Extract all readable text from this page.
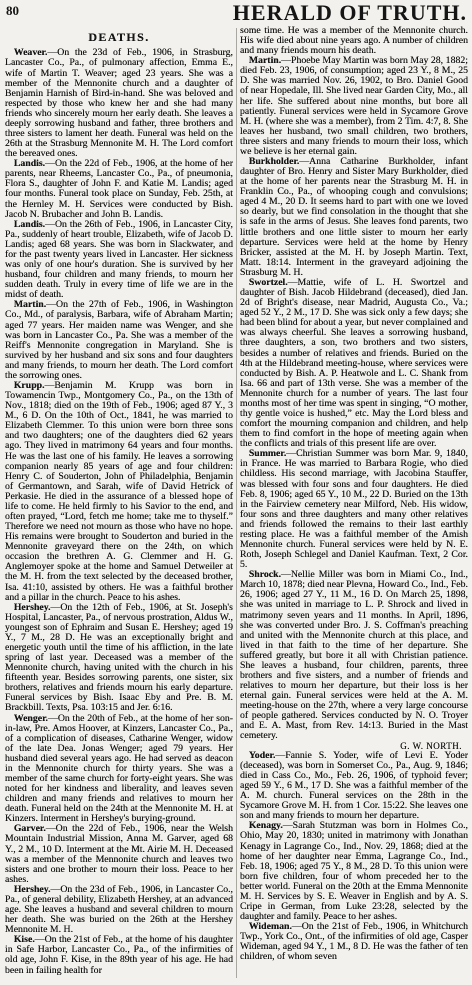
80	HERALD OF TRUTH.
DEATHS.

Weaver.—On the 23d of Feb., 1906, in Strasburg, Lancaster Co., Pa., of pulmonary affection, Emma E., wife of Martin T. Weaver; aged 23 years. She was a member of the Mennonite church and a daughter of Benjamin Harnish of Bird-in-hand. She was beloved and respected by those who knew her and she had many friends who sincerely mourn her early death. She leaves a deeply sorrowing husband and father, three brothers and three sisters to lament her death. Funeral was held on the 26th at the Strasburg Mennonite M. H. The Lord comfort the bereaved ones.

Landis.—On the 22d of Feb., 1906, at the home of her parents, near Rheems, Lancaster Co., Pa., of pneumonia, Flora S., daughter of John F. and Katie M. Landis; aged four months. Funeral took place on Sunday, Feb. 25th, at the Hernley M. H. Services were conducted by Bish. Jacob N. Brubacher and John B. Landis.

Landis.—On the 26th of Feb., 1906, in Lancaster City, Pa., suddenly of heart trouble, Elizabeth, wife of Jacob D. Landis; aged 68 years. She was born in Slackwater, and for the past twenty years lived in Lancaster. Her sickness was only of one hour's duration. She is survived by her husband, four children and many friends, to mourn her sudden death. Truly in every time of life we are in the midst of death.

Martin.—On the 27th of Feb., 1906, in Washington Co., Md., of paralysis, Barbara, wife of Abraham Martin; aged 77 years. Her maiden name was Wenger, and she was born in Lancaster Co., Pa. She was a member of the Reiff's Mennonite congregation in Maryland. She is survived by her husband and six sons and four daughters and many friends, to mourn her death. The Lord comfort the sorrowing ones.

Krupp.—Benjamin M. Krupp was born in Towamencin Twp., Montgomery Co., Pa., on the 13th of Nov., 1818; died on the 19th of Feb., 1906; aged 87 Y., 3 M., 6 D. On the 10th of Oct., 1841, he was married to Elizabeth Clemmer. To this union were born three sons and two daughters; one of the daughters died 62 years ago. They lived in matrimony 64 years and four months. He was the last one of his family. He leaves a sorrowing companion nearly 85 years of age and four children: Henry C. of Souderton, John of Philadelphia, Benjamin of Germantown, and Sarah, wife of David Hetrick of Perkasie. He died in the assurance of a blessed hope of life to come. He held firmly to his Savior to the end, and often prayed, “Lord, fetch me home; take me to thyself.” Therefore we need not mourn as those who have no hope. His remains were brought to Souderton and buried in the Mennonite graveyard there on the 24th, on which occasion the brethren A. G. Clemmer and H. G. Anglemoyer spoke at the home and Samuel Detweiler at the M. H. from the text selected by the deceased brother, Isa. 41:10, assisted by others. He was a faithful brother and a pillar in the church. Peace to his ashes.

Hershey.—On the 12th of Feb., 1906, at St. Joseph's Hospital, Lancaster, Pa., of nervous prostration, Aldus W., youngest son of Ephraim and Susan E. Hershey; aged 19 Y., 7 M., 28 D. He was an exceptionally bright and energetic youth until the time of his affliction, in the late spring of last year. Deceased was a member of the Mennonite church, having united with the church in his fifteenth year. Besides sorrowing parents, one sister, six brothers, relatives and friends mourn his early departure. Funeral services by Bish. Isaac Eby and Pre. B. M. Brackbill. Texts, Psa. 103:15 and Jer. 6:16.

Wenger.—On the 20th of Feb., at the home of her son-in-law, Pre. Amos Hoover, at Kinzers, Lancaster Co., Pa., of a complication of diseases, Catharine Wenger, widow of the late Dea. Jonas Wenger; aged 79 years. Her husband died several years ago. He had served as deacon in the Mennonite church for thirty years. She was a member of the same church for forty-eight years. She was noted for her kindness and liberality, and leaves seven children and many friends and relatives to mourn her death. Funeral held on the 24th at the Mennonite M. H. at Kinzers. Interment in Hershey's burying-ground.

Garver.—On the 22d of Feb., 1906, near the Welsh Mountain Industrial Mission, Anna M. Garver, aged 68 Y., 2 M., 10 D. Interment at the Mt. Airie M. H. Deceased was a member of the Mennonite church and leaves two sisters and one brother to mourn their loss. Peace to her ashes.

Hershey.—On the 23d of Feb., 1906, in Lancaster Co., Pa., of general debility, Elizabeth Hershey, at an advanced age. She leaves a husband and several children to mourn her death. She was buried on the 26th at the Hershey Mennonite M. H.

Kise.—On the 21st of Feb., at the home of his daughter in Safe Harbor, Lancaster Co., Pa., of the infirmities of old age, John F. Kise, in the 89th year of his age. He had been in failing health for

some time. He was a member of the Mennonite church. His wife died about nine years ago. A number of children and many friends mourn his death.

Martin.—Phoebe May Martin was born May 28, 1882; died Feb. 23, 1906, of consumption; aged 23 Y., 8 M., 25 D. She was married Nov. 26, 1902, to Bro. Daniel Good of near Hopedale, Ill. She lived near Garden City, Mo., all her life. She suffered about nine months, but bore all patiently. Funeral services were held in Sycamore Grove M. H. (where she was a member), from 2 Tim. 4:7, 8. She leaves her husband, two small children, two brothers, three sisters and many friends to mourn their loss, which we believe is her eternal gain.

Burkholder.—Anna Catharine Burkholder, infant daughter of Bro. Henry and Sister Mary Burkholder, died at the home of her parents near the Strasburg M. H. in Franklin Co., Pa., of whooping cough and convulsions; aged 4 M., 20 D. It seems hard to part with one we loved so dearly, but we find consolation in the thought that she is safe in the arms of Jesus. She leaves fond parents, two little brothers and one little sister to mourn her early departure. Services were held at the home by Henry Bricker, assisted at the M. H. by Joseph Martin. Text, Matt. 18:14. Interment in the graveyard adjoining the Strasburg M. H.

Swortzel.—Mattie, wife of L. H. Swortzel and daughter of Bish. Jacob Hildebrand (deceased), died Jan. 2d of Bright's disease, near Madrid, Augusta Co., Va.; aged 52 Y., 2 M., 17 D. She was sick only a few days; she had been blind for about a year, but never complained and was always cheerful. She leaves a sorrowing husband, three daughters, a son, two brothers and two sisters, besides a number of relatives and friends. Buried on the 4th at the Hildebrand meeting-house, where services were conducted by Bish. A. P. Heatwole and L. C. Shank from Isa. 66 and part of 13th verse. She was a member of the Mennonite church for a number of years. The last four months most of her time was spent in singing, “O mother, thy gentle voice is hushed,” etc. May the Lord bless and comfort the mourning companion and children, and help them to find comfort in the hope of meeting again when the conflicts and trials of this present life are over.

Summer.—Christian Summer was born Mar. 9, 1840, in France. He was married to Barbara Rogie, who died childless. His second marriage, with Jacobina Stauffer, was blessed with four sons and four daughters. He died Feb. 8, 1906; aged 65 Y., 10 M., 22 D. Buried on the 13th in the Fairview cemetery near Milford, Neb. His widow, four sons and three daughters and many other relatives and friends followed the remains to their last earthly resting place. He was a faithful member of the Amish Mennonite church. Funeral services were held by N. E. Roth, Joseph Schlegel and Daniel Kaufman. Text, 2 Cor. 5.

Shrock.—Nellie Miller was born in Miami Co., Ind., March 10, 1878; died near Plevna, Howard Co., Ind., Feb. 26, 1906; aged 27 Y., 11 M., 16 D. On March 25, 1898, she was united in marriage to L. P. Shrock and lived in matrimony seven years and 11 months. In April, 1896, she was converted under Bro. J. S. Coffman's preaching and united with the Mennonite church at this place, and lived in that faith to the time of her departure. She suffered greatly, but bore it all with Christian patience. She leaves a husband, four children, parents, three brothers and five sisters, and a number of friends and relatives to mourn her departure, but their loss is her eternal gain. Funeral services were held at the A. M. meeting-house on the 27th, where a very large concourse of people gathered. Services conducted by N. O. Troyer and E. A. Mast, from Rev. 14:13. Buried in the Mast cemetery.
G. W. NORTH.

Yoder.—Fannie S. Yoder, wife of Levi E. Yoder (deceased), was born in Somerset Co., Pa., Aug. 9, 1846; died in Cass Co., Mo., Feb. 26, 1906, of typhoid fever; aged 59 Y., 6 M., 17 D. She was a faithful member of the A. M. church. Funeral services on the 28th in the Sycamore Grove M. H. from 1 Cor. 15:22. She leaves one son and many friends to mourn her departure.

Kenagy.—Sarah Stutzman was born in Holmes Co., Ohio, May 20, 1830; united in matrimony with Jonathan Kenagy in Lagrange Co., Ind., Nov. 29, 1868; died at the home of her daughter near Emma, Lagrange Co., Ind., Feb. 18, 1906; aged 75 Y., 8 M., 28 D. To this union were born five children, four of whom preceded her to the better world. Funeral on the 20th at the Emma Mennonite M. H. Services by S. E. Weaver in English and by A. S. Cripe in German, from Luke 23:28, selected by the daughter and family. Peace to her ashes.

Wideman.—On the 21st of Feb., 1906, in Whitchurch Twp., York Co., Ont., of the infirmities of old age, Casper Wideman, aged 94 Y., 1 M., 8 D. He was the father of ten children, of whom seven
